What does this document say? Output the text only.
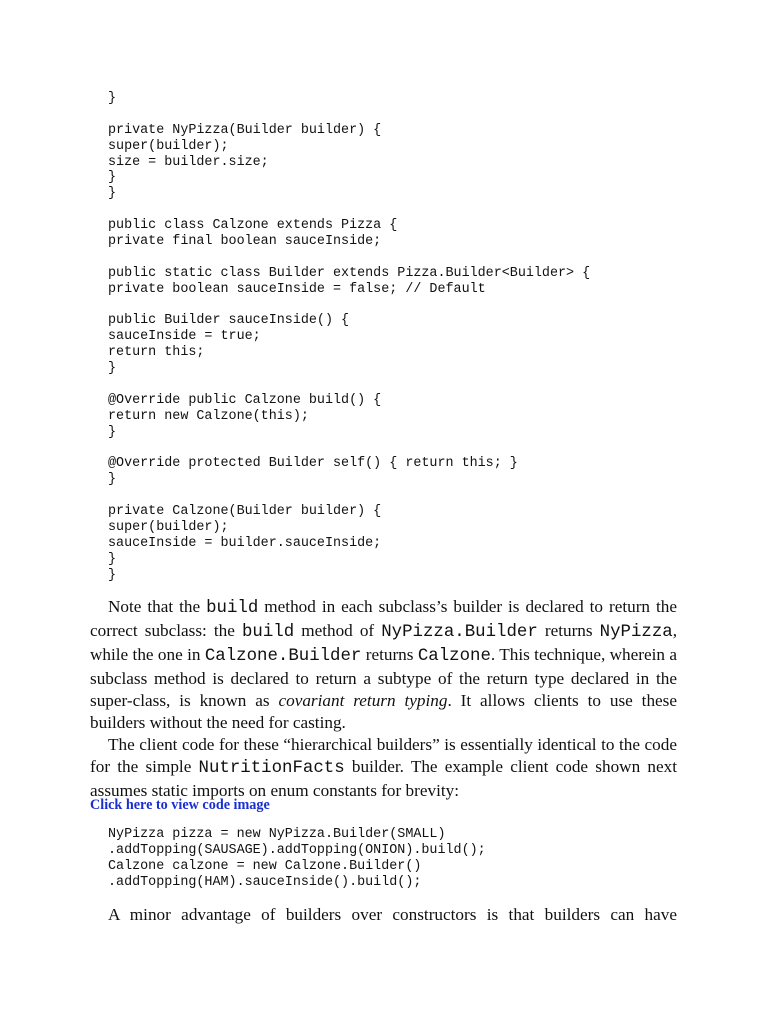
}
private NyPizza(Builder builder) {
super(builder);
size = builder.size;
}
}
public class Calzone extends Pizza {
private final boolean sauceInside;
public static class Builder extends Pizza.Builder<Builder> {
private boolean sauceInside = false; // Default
public Builder sauceInside() {
sauceInside = true;
return this;
}
@Override public Calzone build() {
return new Calzone(this);
}
@Override protected Builder self() { return this; }
}
private Calzone(Builder builder) {
super(builder);
sauceInside = builder.sauceInside;
}
}

Note that the build method in each subclass’s builder is declared to return the correct subclass: the build method of NyPizza.Builder returns NyPizza, while the one in Calzone.Builder returns Calzone. This technique, wherein a subclass method is declared to return a subtype of the return type declared in the super-class, is known as covariant return typing. It allows clients to use these builders without the need for casting.

The client code for these “hierarchical builders” is essentially identical to the code for the simple NutritionFacts builder. The example client code shown next assumes static imports on enum constants for brevity:

Click here to view code image
NyPizza pizza = new NyPizza.Builder(SMALL)
.addTopping(SAUSAGE).addTopping(ONION).build();
Calzone calzone = new Calzone.Builder()
.addTopping(HAM).sauceInside().build();

A minor advantage of builders over constructors is that builders can have
